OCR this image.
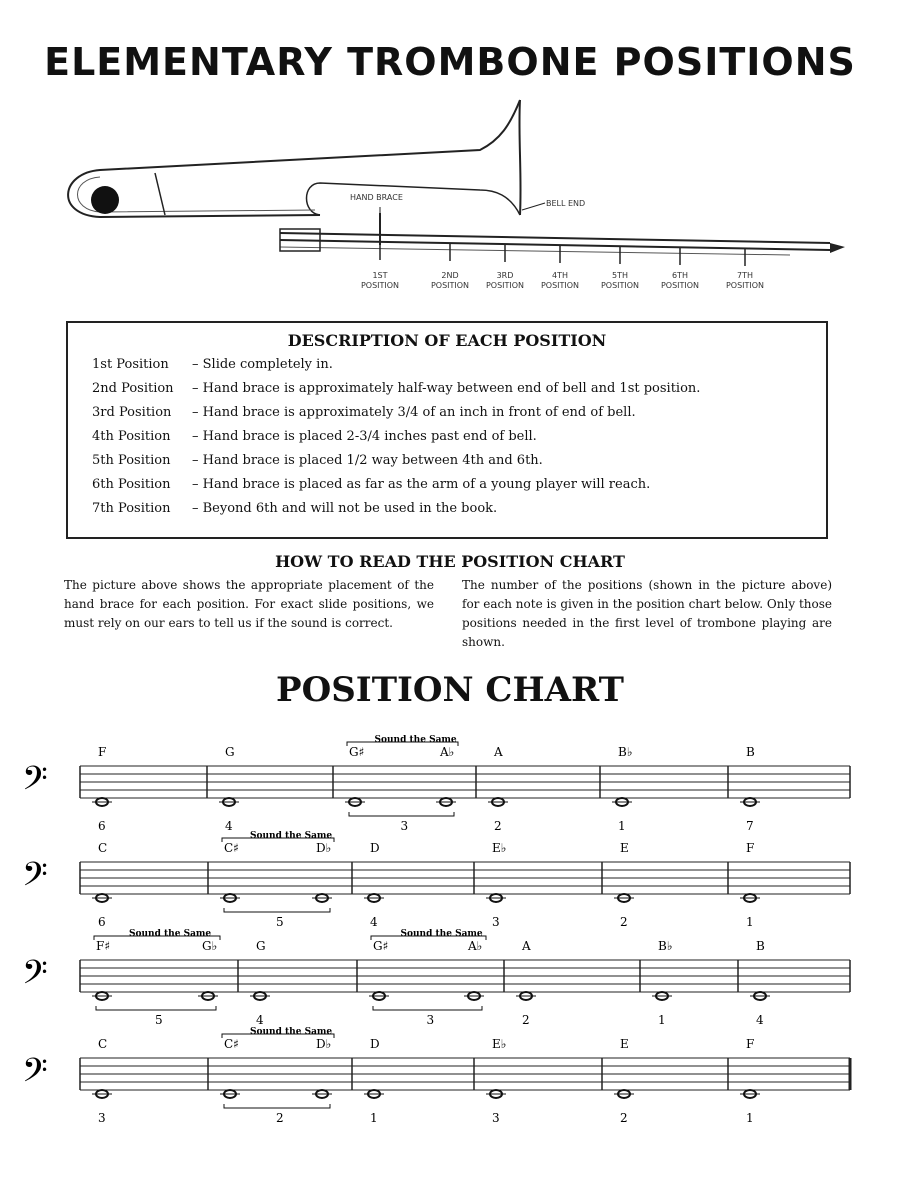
ELEMENTARY TROMBONE POSITIONS
HAND BRACE
BELL END
1ST
POSITION
2ND
POSITION
3RD
POSITION
4TH
POSITION
5TH
POSITION
6TH
POSITION
7TH
POSITION
DESCRIPTION OF EACH POSITION
1st Position – Slide completely in.
2nd Position – Hand brace is approximately half-way between end of bell and 1st position.
3rd Position – Hand brace is approximately 3/4 of an inch in front of end of bell.
4th Position – Hand brace is placed 2-3/4 inches past end of bell.
5th Position – Hand brace is placed 1/2 way between 4th and 6th.
6th Position – Hand brace is placed as far as the arm of a young player will reach.
7th Position – Beyond 6th and will not be used in the book.
HOW TO READ THE POSITION CHART
The picture above shows the appropriate placement of the hand brace for each position. For exact slide positions, we must rely on our ears to tell us if the sound is correct.
The number of the positions (shown in the picture above) for each note is given in the position chart below. Only those positions needed in the first level of trombone playing are shown.
POSITION CHART
𝄢
F
6
G
4
G♯	A♭
Sound the Same
3
A
2
B♭
1
B
7
𝄢
C
6
C♯	D♭
Sound the Same
5
D
4
E♭
3
E
2
F
1
𝄢
F♯	G♭
Sound the Same
5
G
4
G♯	A♭
Sound the Same
3
A
2
B♭
1
B
4
𝄢
C
3
C♯	D♭
Sound the Same
2
D
1
E♭
3
E
2
F
1
